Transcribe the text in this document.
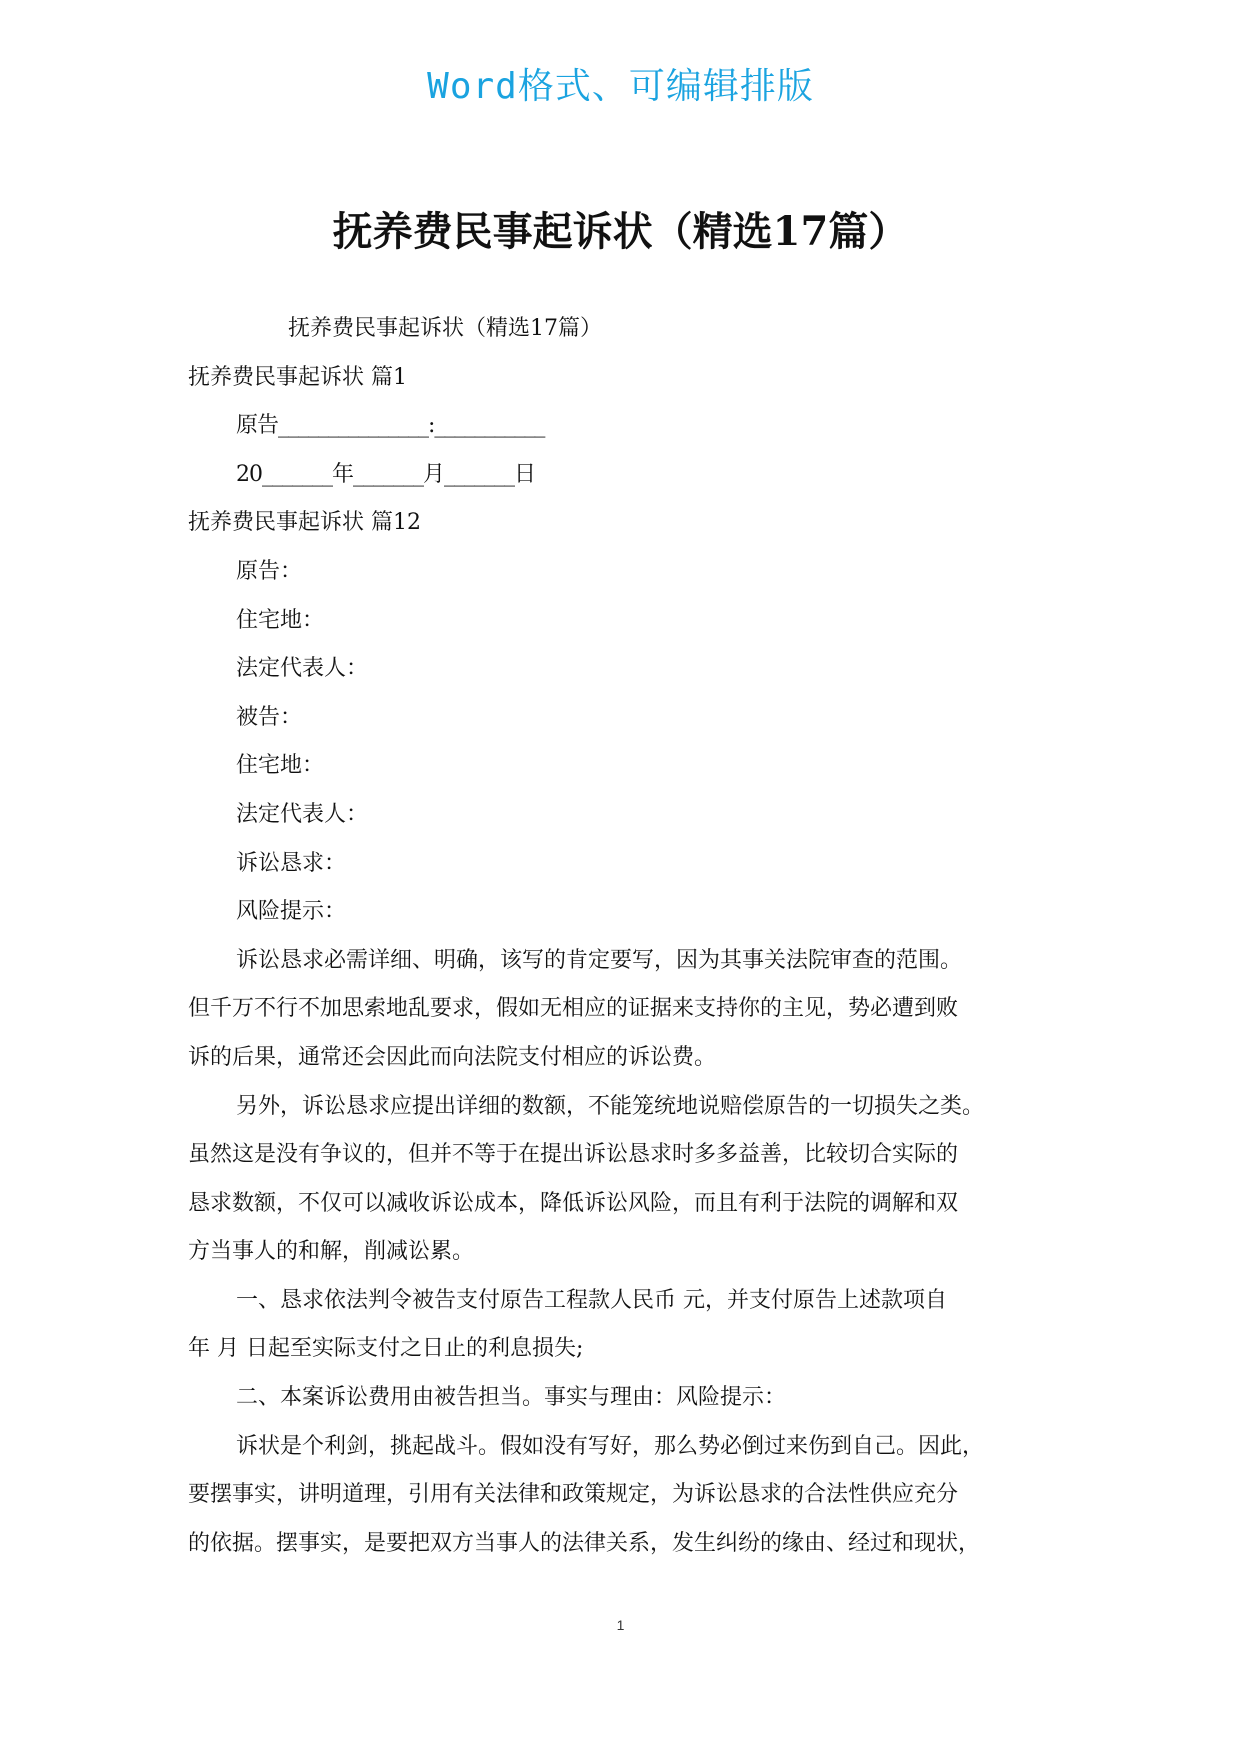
Word格式、可编辑排版
抚养费民事起诉状（精选17篇）
抚养费民事起诉状（精选17篇）
抚养费民事起诉状 篇1
原告_______________:___________
20_______年_______月_______日
抚养费民事起诉状 篇12
原告：
住宅地：
法定代表人：
被告：
住宅地：
法定代表人：
诉讼恳求：
风险提示：
诉讼恳求必需详细、明确，该写的肯定要写，因为其事关法院审查的范围。
但千万不行不加思索地乱要求，假如无相应的证据来支持你的主见，势必遭到败
诉的后果，通常还会因此而向法院支付相应的诉讼费。
另外，诉讼恳求应提出详细的数额，不能笼统地说赔偿原告的一切损失之类。
虽然这是没有争议的，但并不等于在提出诉讼恳求时多多益善，比较切合实际的
恳求数额，不仅可以减收诉讼成本，降低诉讼风险，而且有利于法院的调解和双
方当事人的和解，削减讼累。
一、恳求依法判令被告支付原告工程款人民币 元，并支付原告上述款项自
年 月 日起至实际支付之日止的利息损失;
二、本案诉讼费用由被告担当。事实与理由：风险提示：
诉状是个利剑，挑起战斗。假如没有写好，那么势必倒过来伤到自己。因此，
要摆事实，讲明道理，引用有关法律和政策规定，为诉讼恳求的合法性供应充分
的依据。摆事实，是要把双方当事人的法律关系，发生纠纷的缘由、经过和现状，
1
